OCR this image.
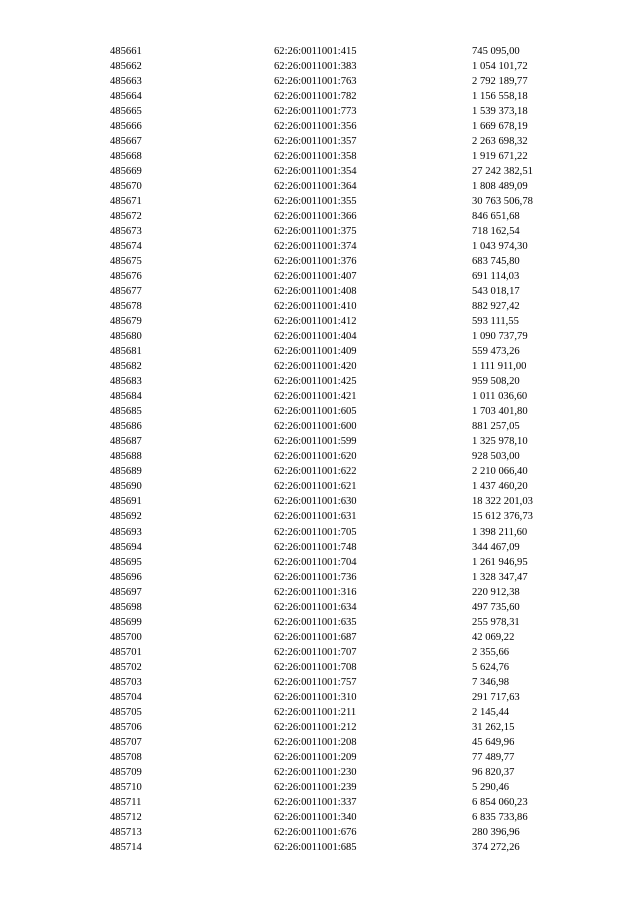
485661	62:26:0011001:415	745 095,00
485662	62:26:0011001:383	1 054 101,72
485663	62:26:0011001:763	2 792 189,77
485664	62:26:0011001:782	1 156 558,18
485665	62:26:0011001:773	1 539 373,18
485666	62:26:0011001:356	1 669 678,19
485667	62:26:0011001:357	2 263 698,32
485668	62:26:0011001:358	1 919 671,22
485669	62:26:0011001:354	27 242 382,51
485670	62:26:0011001:364	1 808 489,09
485671	62:26:0011001:355	30 763 506,78
485672	62:26:0011001:366	846 651,68
485673	62:26:0011001:375	718 162,54
485674	62:26:0011001:374	1 043 974,30
485675	62:26:0011001:376	683 745,80
485676	62:26:0011001:407	691 114,03
485677	62:26:0011001:408	543 018,17
485678	62:26:0011001:410	882 927,42
485679	62:26:0011001:412	593 111,55
485680	62:26:0011001:404	1 090 737,79
485681	62:26:0011001:409	559 473,26
485682	62:26:0011001:420	1 111 911,00
485683	62:26:0011001:425	959 508,20
485684	62:26:0011001:421	1 011 036,60
485685	62:26:0011001:605	1 703 401,80
485686	62:26:0011001:600	881 257,05
485687	62:26:0011001:599	1 325 978,10
485688	62:26:0011001:620	928 503,00
485689	62:26:0011001:622	2 210 066,40
485690	62:26:0011001:621	1 437 460,20
485691	62:26:0011001:630	18 322 201,03
485692	62:26:0011001:631	15 612 376,73
485693	62:26:0011001:705	1 398 211,60
485694	62:26:0011001:748	344 467,09
485695	62:26:0011001:704	1 261 946,95
485696	62:26:0011001:736	1 328 347,47
485697	62:26:0011001:316	220 912,38
485698	62:26:0011001:634	497 735,60
485699	62:26:0011001:635	255 978,31
485700	62:26:0011001:687	42 069,22
485701	62:26:0011001:707	2 355,66
485702	62:26:0011001:708	5 624,76
485703	62:26:0011001:757	7 346,98
485704	62:26:0011001:310	291 717,63
485705	62:26:0011001:211	2 145,44
485706	62:26:0011001:212	31 262,15
485707	62:26:0011001:208	45 649,96
485708	62:26:0011001:209	77 489,77
485709	62:26:0011001:230	96 820,37
485710	62:26:0011001:239	5 290,46
485711	62:26:0011001:337	6 854 060,23
485712	62:26:0011001:340	6 835 733,86
485713	62:26:0011001:676	280 396,96
485714	62:26:0011001:685	374 272,26
